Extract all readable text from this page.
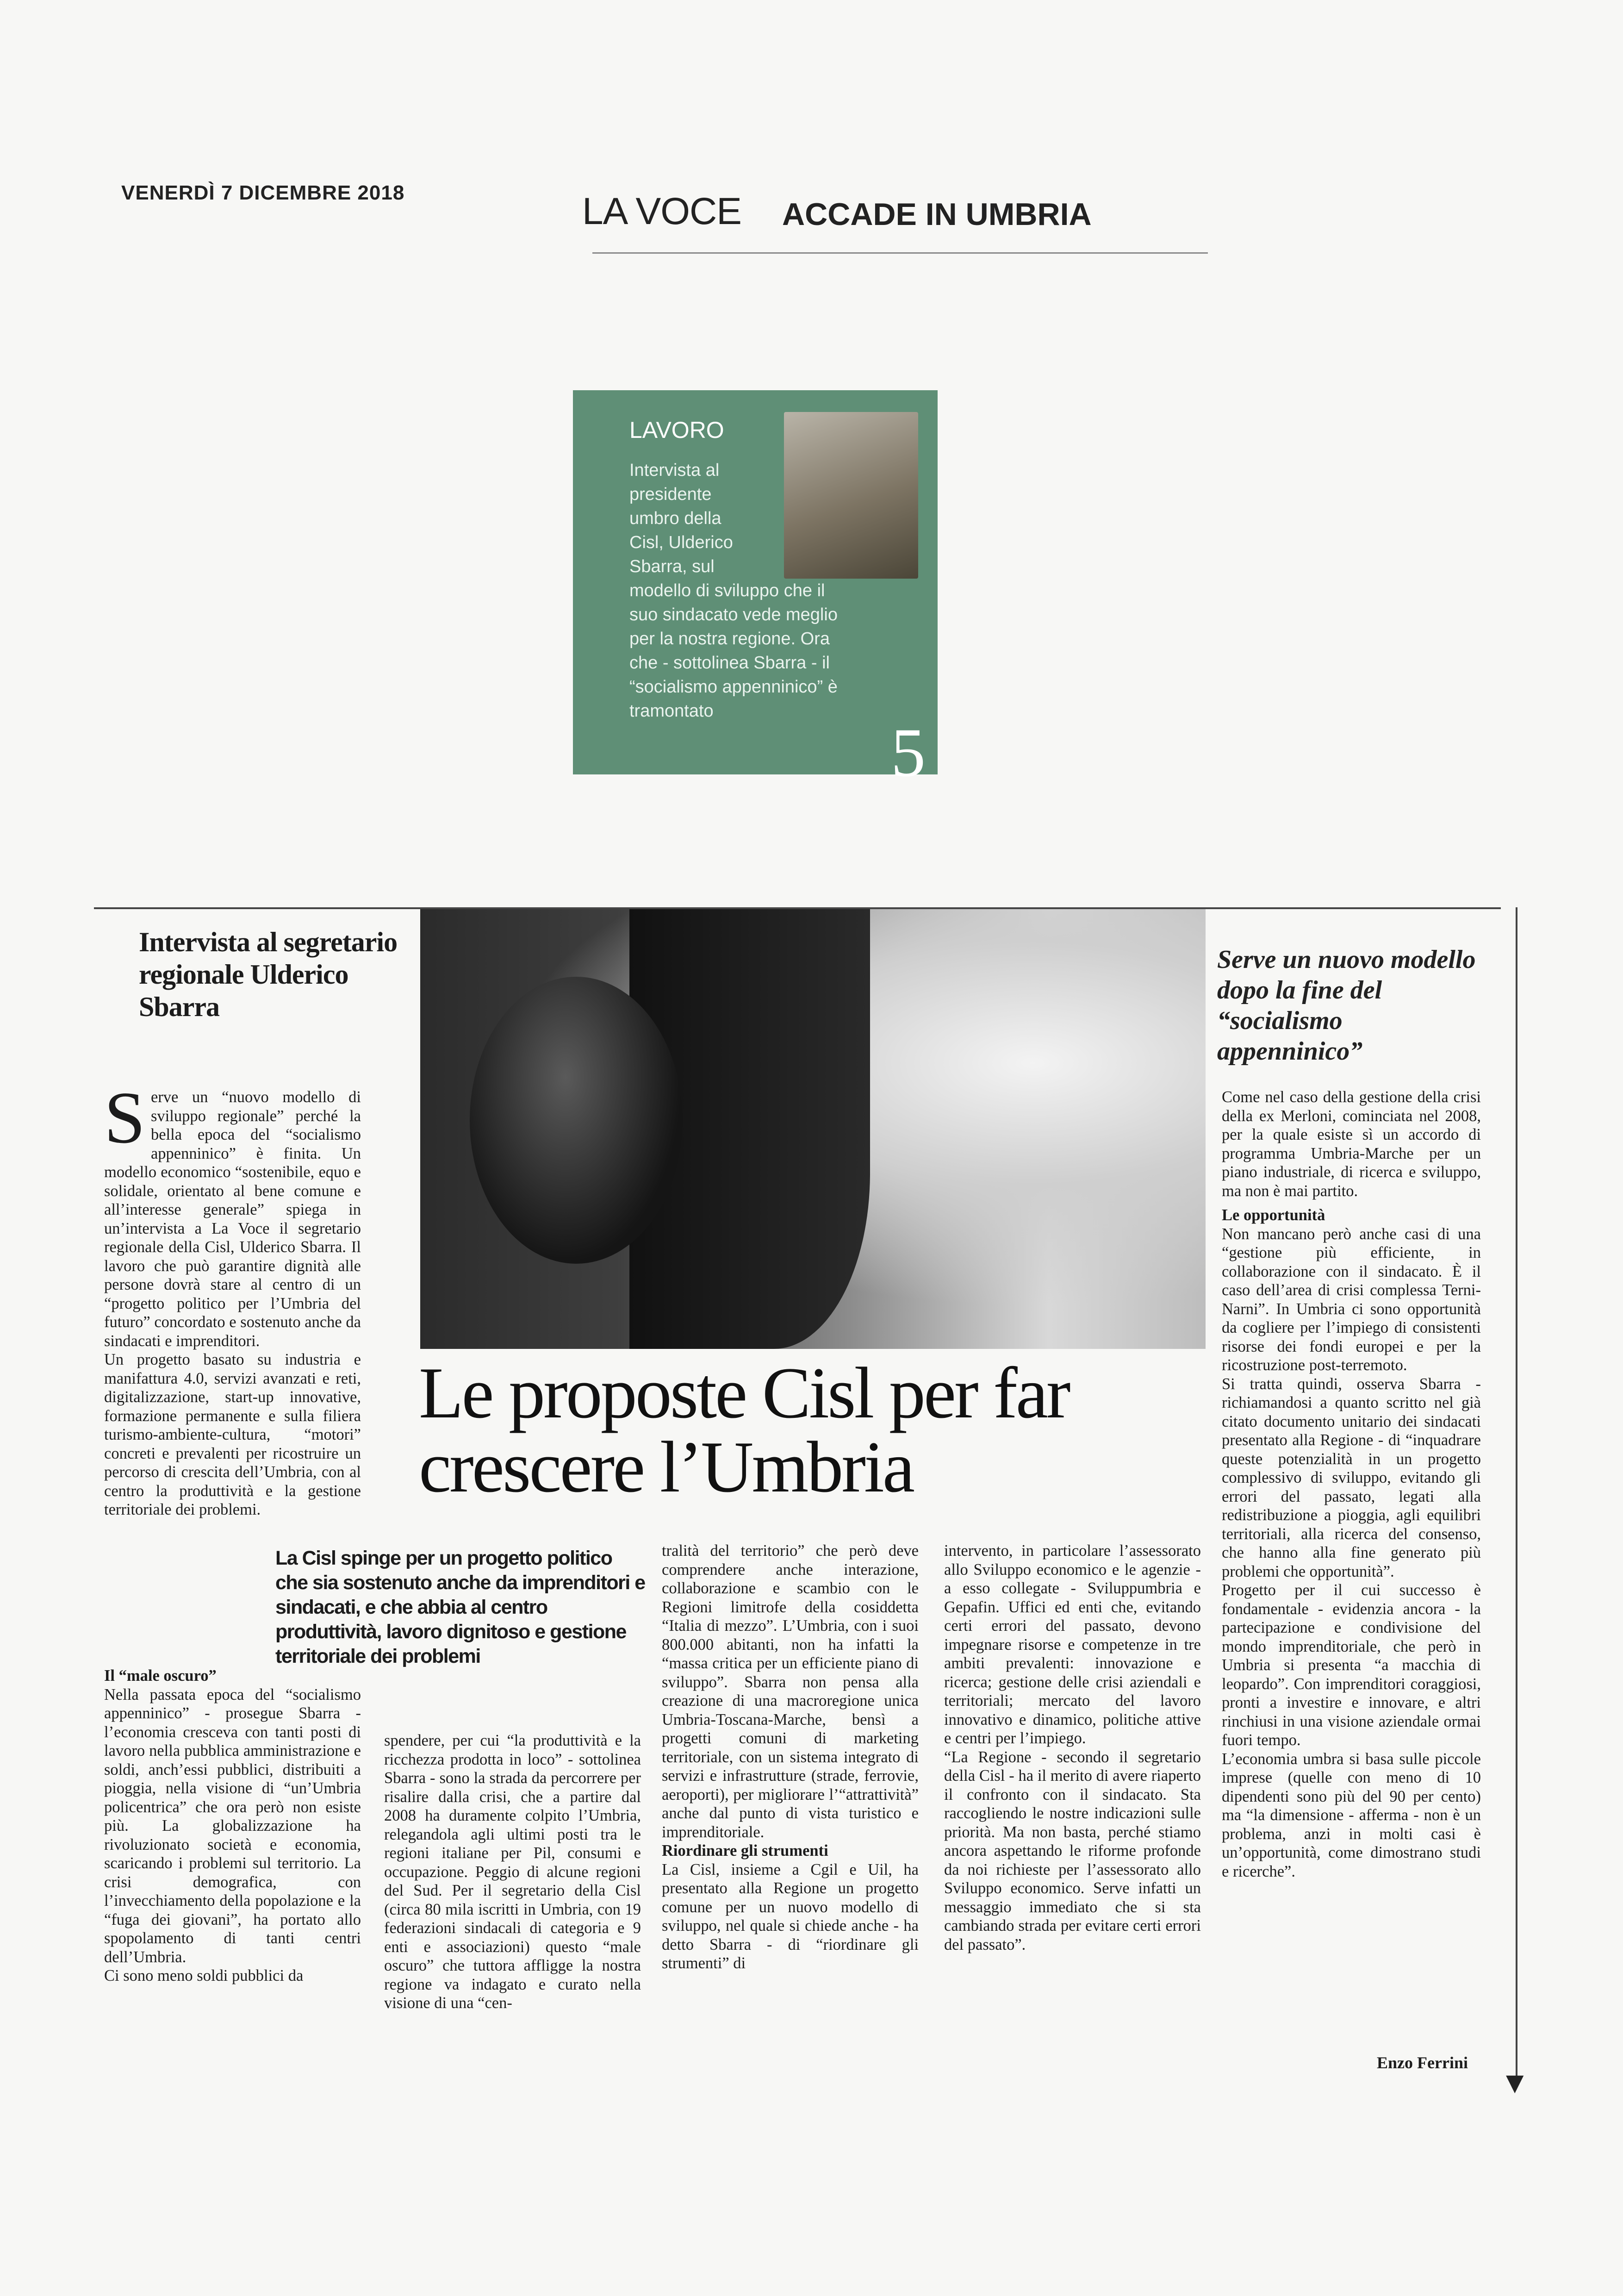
VENERDÌ 7 DICEMBRE 2018	LA VOCE ACCADE IN UMBRIA
LAVORO
Intervista al
presidente
umbro della
Cisl, Ulderico
Sbarra, sul
modello di sviluppo che il
suo sindacato vede meglio
per la nostra regione. Ora
che - sottolinea Sbarra - il
“socialismo appenninico” è
tramontato
5
▼
Intervista al segretario regionale Ulderico Sbarra
Serve un nuovo modello dopo la fine del “socialismo appenninico”
Serve un “nuovo modello di sviluppo regionale” perché la bella epoca del “socialismo appenninico” è finita. Un modello economico “sostenibile, equo e solidale, orientato al bene comune e all’interesse generale” spiega in un’intervista a La Voce il segretario regionale della Cisl, Ulderico Sbarra. Il lavoro che può garantire dignità alle persone dovrà stare al centro di un “progetto politico per l’Umbria del futuro” concordato e sostenuto anche da sindacati e imprenditori.
Un progetto basato su industria e manifattura 4.0, servizi avanzati e reti, digitalizzazione, start-up innovative, formazione permanente e sulla filiera turismo-ambiente-cultura, “motori” concreti e prevalenti per ricostruire un percorso di crescita dell’Umbria, con al centro la produttività e la gestione territoriale dei problemi.
Il “male oscuro”
Nella passata epoca del “socialismo appenninico” - prosegue Sbarra - l’economia cresceva con tanti posti di lavoro nella pubblica amministrazione e soldi, anch’essi pubblici, distribuiti a pioggia, nella visione di “un’Umbria policentrica” che ora però non esiste più. La globalizzazione ha rivoluzionato società e economia, scaricando i problemi sul territorio. La crisi demografica, con l’invecchiamento della popolazione e la “fuga dei giovani”, ha portato allo spopolamento di tanti centri dell’Umbria.
Ci sono meno soldi pubblici da
Le proposte Cisl per far crescere l’Umbria
La Cisl spinge per un progetto politico che sia sostenuto anche da imprenditori e sindacati, e che abbia al centro produttività, lavoro dignitoso e gestione territoriale dei problemi
spendere, per cui “la produttività e la ricchezza prodotta in loco” - sottolinea Sbarra - sono la strada da percorrere per risalire dalla crisi, che a partire dal 2008 ha duramente colpito l’Umbria, relegandola agli ultimi posti tra le regioni italiane per Pil, consumi e occupazione. Peggio di alcune regioni del Sud. Per il segretario della Cisl (circa 80 mila iscritti in Umbria, con 19 federazioni sindacali di categoria e 9 enti e associazioni) questo “male oscuro” che tuttora affligge la nostra regione va indagato e curato nella visione di una “cen-
tralità del territorio” che però deve comprendere anche interazione, collaborazione e scambio con le Regioni limitrofe della cosiddetta “Italia di mezzo”. L’Umbria, con i suoi 800.000 abitanti, non ha infatti la “massa critica per un efficiente piano di sviluppo”. Sbarra non pensa alla creazione di una macroregione unica Umbria-Toscana-Marche, bensì a progetti comuni di marketing territoriale, con un sistema integrato di servizi e infrastrutture (strade, ferrovie, aeroporti), per migliorare l’“attrattività” anche dal punto di vista turistico e imprenditoriale.
Riordinare gli strumenti
La Cisl, insieme a Cgil e Uil, ha presentato alla Regione un progetto comune per un nuovo modello di sviluppo, nel quale si chiede anche - ha detto Sbarra - di “riordinare gli strumenti” di
intervento, in particolare l’assessorato allo Sviluppo economico e le agenzie - a esso collegate - Sviluppumbria e Gepafin. Uffici ed enti che, evitando certi errori del passato, devono impegnare risorse e competenze in tre ambiti prevalenti: innovazione e ricerca; gestione delle crisi aziendali e territoriali; mercato del lavoro innovativo e dinamico, politiche attive e centri per l’impiego.
“La Regione - secondo il segretario della Cisl - ha il merito di avere riaperto il confronto con il sindacato. Sta raccogliendo le nostre indicazioni sulle priorità. Ma non basta, perché stiamo ancora aspettando le riforme profonde da noi richieste per l’assessorato allo Sviluppo economico. Serve infatti un messaggio immediato che si sta cambiando strada per evitare certi errori del passato”.
Come nel caso della gestione della crisi della ex Merloni, cominciata nel 2008, per la quale esiste sì un accordo di programma Umbria-Marche per un piano industriale, di ricerca e sviluppo, ma non è mai partito.
Le opportunità
Non mancano però anche casi di una “gestione più efficiente, in collaborazione con il sindacato. È il caso dell’area di crisi complessa Terni-Narni”. In Umbria ci sono opportunità da cogliere per l’impiego di consistenti risorse dei fondi europei e per la ricostruzione post-terremoto.
Si tratta quindi, osserva Sbarra - richiamandosi a quanto scritto nel già citato documento unitario dei sindacati presentato alla Regione - di “inquadrare queste potenzialità in un progetto complessivo di sviluppo, evitando gli errori del passato, legati alla redistribuzione a pioggia, agli equilibri territoriali, alla ricerca del consenso, che hanno alla fine generato più problemi che opportunità”.
Progetto per il cui successo è fondamentale - evidenzia ancora - la partecipazione e condivisione del mondo imprenditoriale, che però in Umbria si presenta “a macchia di leopardo”. Con imprenditori coraggiosi, pronti a investire e innovare, e altri rinchiusi in una visione aziendale ormai fuori tempo.
L’economia umbra si basa sulle piccole imprese (quelle con meno di 10 dipendenti sono più del 90 per cento) ma “la dimensione - afferma - non è un problema, anzi in molti casi è un’opportunità, come dimostrano studi e ricerche”.
Enzo Ferrini
